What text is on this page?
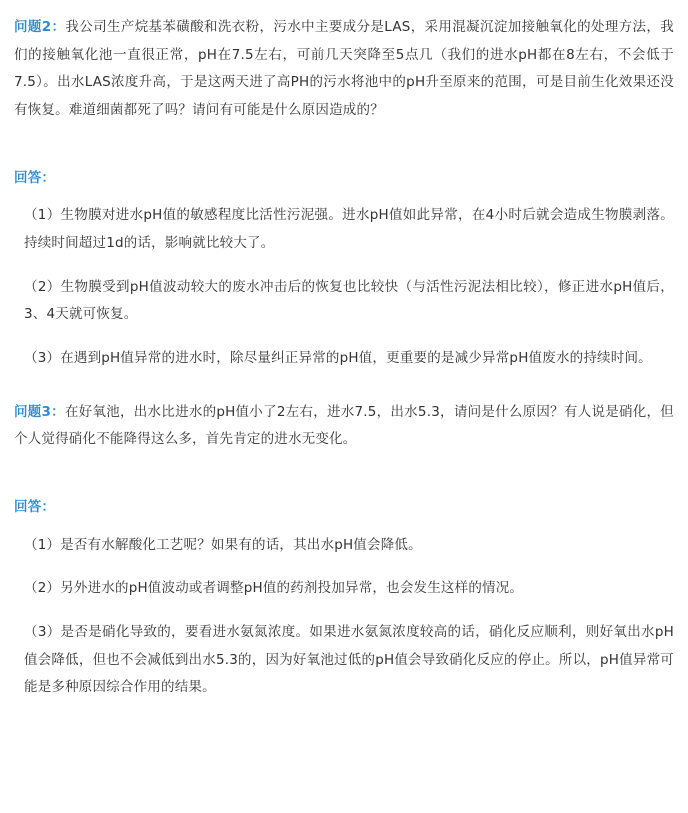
问题2：我公司生产烷基苯磺酸和洗衣粉，污水中主要成分是LAS，采用混凝沉淀加接触氧化的处理方法，我们的接触氧化池一直很正常，pH在7.5左右，可前几天突降至5点几（我们的进水pH都在8左右，不会低于7.5）。出水LAS浓度升高，于是这两天进了高PH的污水将池中的pH升至原来的范围，可是目前生化效果还没有恢复。难道细菌都死了吗？请问有可能是什么原因造成的？

回答：

（1）生物膜对进水pH值的敏感程度比活性污泥强。进水pH值如此异常，在4小时后就会造成生物膜剥落。持续时间超过1d的话，影响就比较大了。

（2）生物膜受到pH值波动较大的废水冲击后的恢复也比较快（与活性污泥法相比较），修正进水pH值后，3、4天就可恢复。

（3）在遇到pH值异常的进水时，除尽量纠正异常的pH值，更重要的是减少异常pH值废水的持续时间。

问题3：在好氧池，出水比进水的pH值小了2左右，进水7.5，出水5.3，请问是什么原因？有人说是硝化，但个人觉得硝化不能降得这么多，首先肯定的进水无变化。

回答：

（1）是否有水解酸化工艺呢？如果有的话，其出水pH值会降低。

（2）另外进水的pH值波动或者调整pH值的药剂投加异常，也会发生这样的情况。

（3）是否是硝化导致的，要看进水氨氮浓度。如果进水氨氮浓度较高的话，硝化反应顺利，则好氧出水pH值会降低，但也不会减低到出水5.3的，因为好氧池过低的pH值会导致硝化反应的停止。所以，pH值异常可能是多种原因综合作用的结果。
